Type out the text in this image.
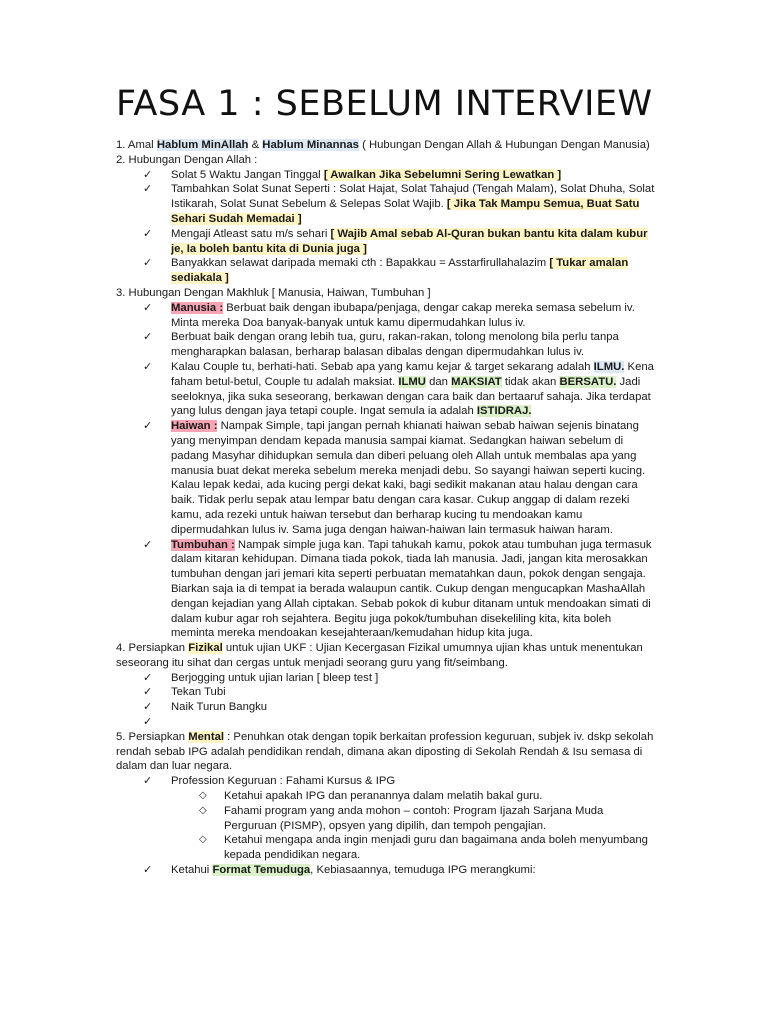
FASA 1 : SEBELUM INTERVIEW

1. Amal Hablum MinAllah & Hablum Minannas ( Hubungan Dengan Allah & Hubungan Dengan Manusia)

2. Hubungan Dengan Allah :

✓	Solat 5 Waktu Jangan Tinggal [ Awalkan Jika Sebelumni Sering Lewatkan ]

✓	Tambahkan Solat Sunat Seperti : Solat Hajat, Solat Tahajud (Tengah Malam), Solat Dhuha, Solat Istikarah, Solat Sunat Sebelum & Selepas Solat Wajib. [ Jika Tak Mampu Semua, Buat Satu Sehari Sudah Memadai ]

✓	Mengaji Atleast satu m/s sehari [ Wajib Amal sebab Al-Quran bukan bantu kita dalam kubur je, Ia boleh bantu kita di Dunia juga ]

✓	Banyakkan selawat daripada memaki cth : Bapakkau = Asstarfirullahalazim [ Tukar amalan sediakala ]

3. Hubungan Dengan Makhluk [ Manusia, Haiwan, Tumbuhan ]

✓	Manusia : Berbuat baik dengan ibubapa/penjaga, dengar cakap mereka semasa sebelum iv. Minta mereka Doa banyak-banyak untuk kamu dipermudahkan lulus iv.

✓	Berbuat baik dengan orang lebih tua, guru, rakan-rakan, tolong menolong bila perlu tanpa mengharapkan balasan, berharap balasan dibalas dengan dipermudahkan lulus iv.

✓	Kalau Couple tu, berhati-hati. Sebab apa yang kamu kejar & target sekarang adalah ILMU. Kena faham betul-betul, Couple tu adalah maksiat. ILMU dan MAKSIAT tidak akan BERSATU. Jadi seeloknya, jika suka seseorang, berkawan dengan cara baik dan bertaaruf sahaja. Jika terdapat yang lulus dengan jaya tetapi couple. Ingat semula ia adalah ISTIDRAJ.

✓	Haiwan : Nampak Simple, tapi jangan pernah khianati haiwan sebab haiwan sejenis binatang yang menyimpan dendam kepada manusia sampai kiamat. Sedangkan haiwan sebelum di padang Masyhar dihidupkan semula dan diberi peluang oleh Allah untuk membalas apa yang manusia buat dekat mereka sebelum mereka menjadi debu. So sayangi haiwan seperti kucing. Kalau lepak kedai, ada kucing pergi dekat kaki, bagi sedikit makanan atau halau dengan cara baik. Tidak perlu sepak atau lempar batu dengan cara kasar. Cukup anggap di dalam rezeki kamu, ada rezeki untuk haiwan tersebut dan berharap kucing tu mendoakan kamu dipermudahkan lulus iv. Sama juga dengan haiwan-haiwan lain termasuk haiwan haram.

✓	Tumbuhan : Nampak simple juga kan. Tapi tahukah kamu, pokok atau tumbuhan juga termasuk dalam kitaran kehidupan. Dimana tiada pokok, tiada lah manusia. Jadi, jangan kita merosakkan tumbuhan dengan jari jemari kita seperti perbuatan mematahkan daun, pokok dengan sengaja. Biarkan saja ia di tempat ia berada walaupun cantik. Cukup dengan mengucapkan MashaAllah dengan kejadian yang Allah ciptakan. Sebab pokok di kubur ditanam untuk mendoakan simati di dalam kubur agar roh sejahtera. Begitu juga pokok/tumbuhan disekeliling kita, kita boleh meminta mereka mendoakan kesejahteraan/kemudahan hidup kita juga.

4. Persiapkan Fizikal untuk ujian UKF : Ujian Kecergasan Fizikal umumnya ujian khas untuk menentukan seseorang itu sihat dan cergas untuk menjadi seorang guru yang fit/seimbang.

✓	Berjogging untuk ujian larian [ bleep test ]

✓	Tekan Tubi

✓	Naik Turun Bangku

✓

5. Persiapkan Mental : Penuhkan otak dengan topik berkaitan profession keguruan, subjek iv. dskp sekolah rendah sebab IPG adalah pendidikan rendah, dimana akan diposting di Sekolah Rendah & Isu semasa di dalam dan luar negara.

✓	Profession Keguruan : Fahami Kursus & IPG

◇	Ketahui apakah IPG dan peranannya dalam melatih bakal guru.

◇	Fahami program yang anda mohon – contoh: Program Ijazah Sarjana Muda Perguruan (PISMP), opsyen yang dipilih, dan tempoh pengajian.

◇	Ketahui mengapa anda ingin menjadi guru dan bagaimana anda boleh menyumbang kepada pendidikan negara.

✓	Ketahui Format Temuduga, Kebiasaannya, temuduga IPG merangkumi:
